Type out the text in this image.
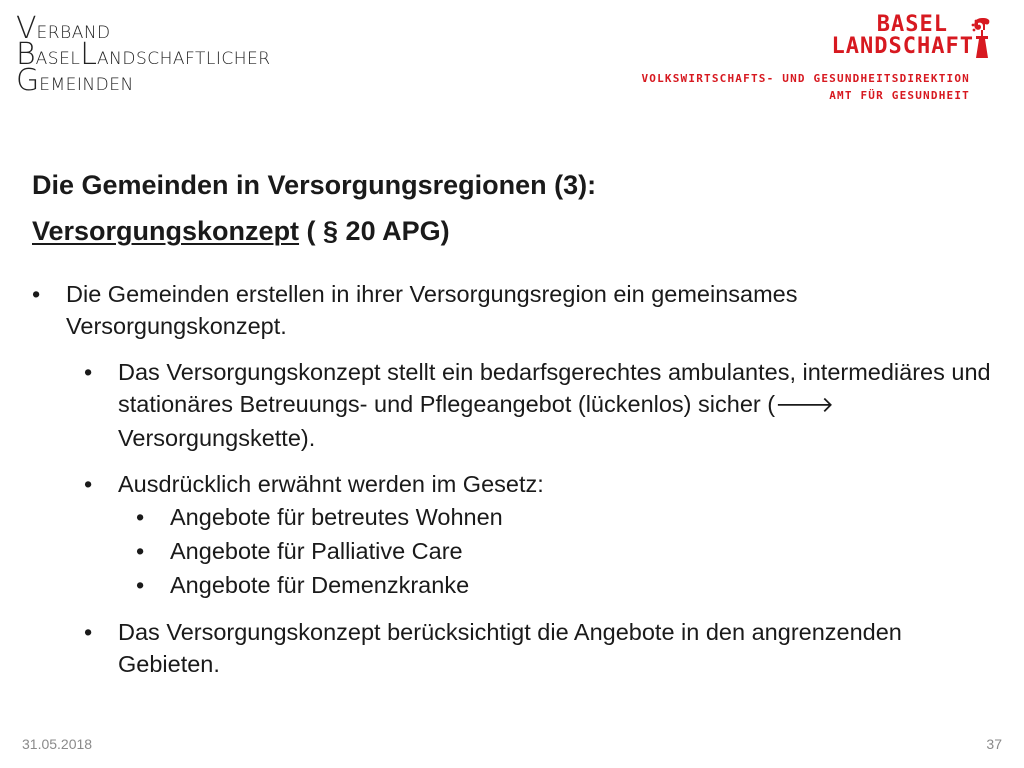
VERBAND
BASELLANDSCHAFTLICHER
GEMEINDEN
BASEL
LANDSCHAFT
VOLKSWIRTSCHAFTS- UND GESUNDHEITSDIREKTION
AMT FÜR GESUNDHEIT
Die Gemeinden in Versorgungsregionen (3):
Versorgungskonzept ( § 20 APG)
• Die Gemeinden erstellen in ihrer Versorgungsregion ein gemeinsames Versorgungskonzept.
• Das Versorgungskonzept stellt ein bedarfsgerechtes ambulantes, intermediäres und stationäres Betreuungs- und Pflegeangebot (lückenlos) sicher (🡒 Versorgungskette).
• Ausdrücklich erwähnt werden im Gesetz:
• Angebote für betreutes Wohnen
• Angebote für Palliative Care
• Angebote für Demenzkranke
• Das Versorgungskonzept berücksichtigt die Angebote in den angrenzenden Gebieten.
31.05.2018	37
